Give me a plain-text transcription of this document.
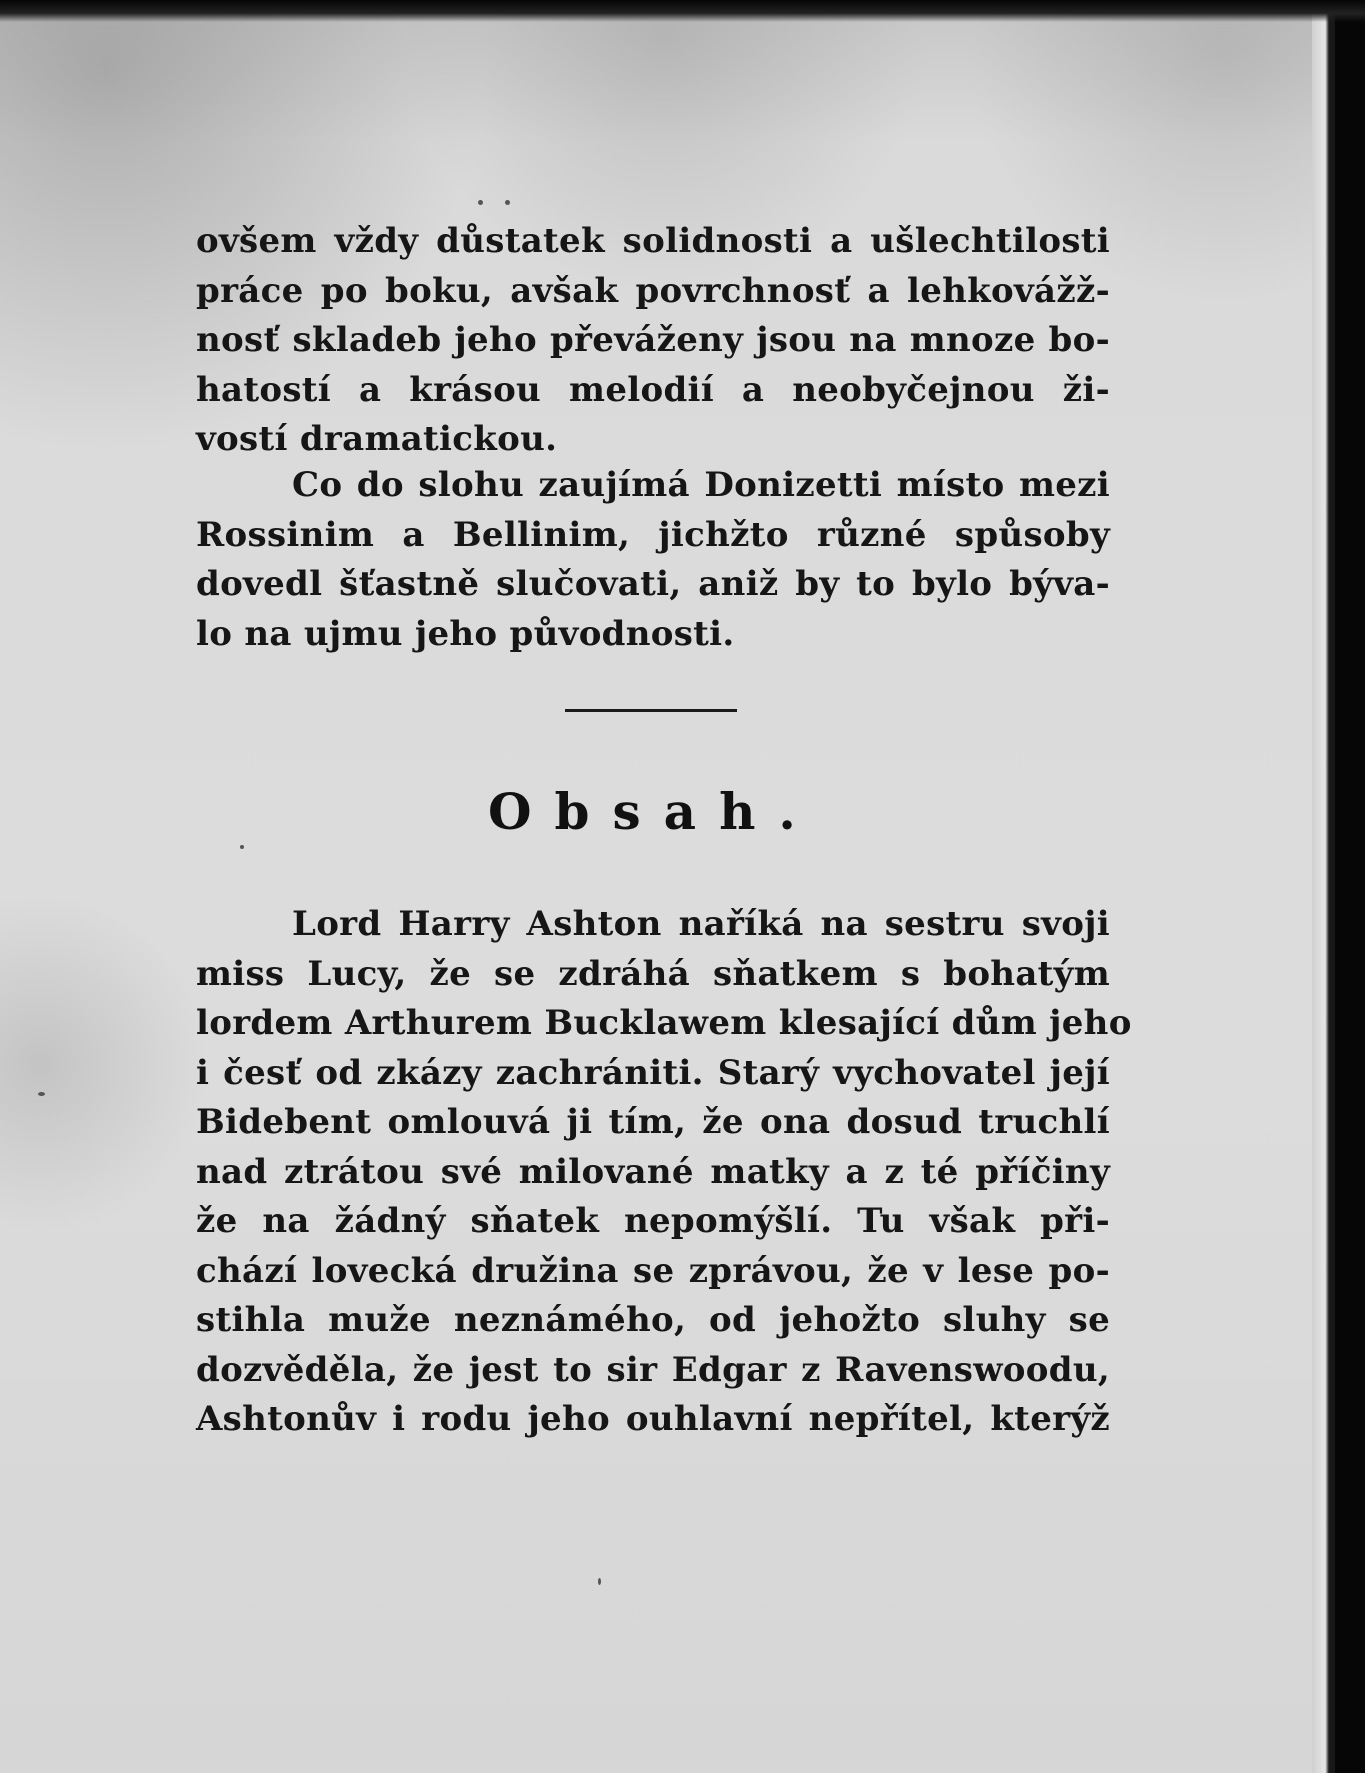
ovšem vždy důstatek solidnosti a ušlechtilosti
práce po boku, avšak povrchnosť a lehkovážž-
nosť skladeb jeho převáženy jsou na mnoze bo-
hatostí a krásou melodií a neobyčejnou ži-
vostí dramatickou.
Co do slohu zaujímá Donizetti místo mezi
Rossinim a Bellinim, jichžto různé spůsoby
dovedl šťastně slučovati, aniž by to bylo býva-
lo na ujmu jeho původnosti.
Obsah.
Lord Harry Ashton naříká na sestru svoji
miss Lucy, že se zdráhá sňatkem s bohatým
lordem Arthurem Bucklawem klesající dům jeho
i česť od zkázy zachrániti. Starý vychovatel její
Bidebent omlouvá ji tím, že ona dosud truchlí
nad ztrátou své milované matky a z té příčiny
že na žádný sňatek nepomýšlí. Tu však při-
chází lovecká družina se zprávou, že v lese po-
stihla muže neznámého, od jehožto sluhy se
dozvěděla, že jest to sir Edgar z Ravenswoodu,
Ashtonův i rodu jeho ouhlavní nepřítel, kterýž
